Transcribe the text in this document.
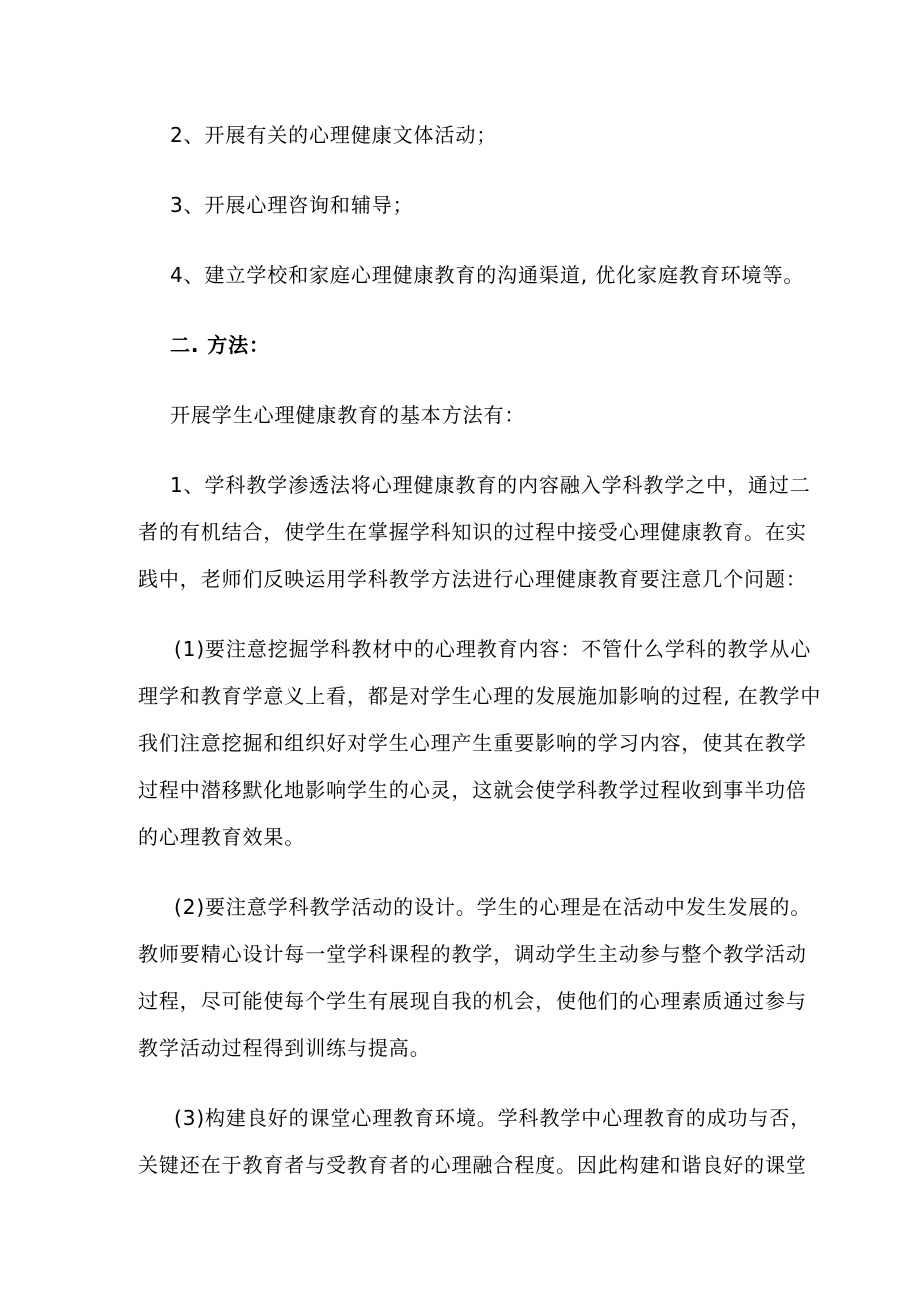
2、开展有关的心理健康文体活动；

3、开展心理咨询和辅导；

4、建立学校和家庭心理健康教育的沟通渠道, 优化家庭教育环境等。

二. 方法：

开展学生心理健康教育的基本方法有：

1、学科教学渗透法将心理健康教育的内容融入学科教学之中，通过二

者的有机结合，使学生在掌握学科知识的过程中接受心理健康教育。在实

践中，老师们反映运用学科教学方法进行心理健康教育要注意几个问题：

(1)要注意挖掘学科教材中的心理教育内容：不管什么学科的教学从心

理学和教育学意义上看，都是对学生心理的发展施加影响的过程, 在教学中

我们注意挖掘和组织好对学生心理产生重要影响的学习内容，使其在教学

过程中潜移默化地影响学生的心灵，这就会使学科教学过程收到事半功倍

的心理教育效果。

(2)要注意学科教学活动的设计。学生的心理是在活动中发生发展的。

教师要精心设计每一堂学科课程的教学，调动学生主动参与整个教学活动

过程，尽可能使每个学生有展现自我的机会，使他们的心理素质通过参与

教学活动过程得到训练与提高。

(3)构建良好的课堂心理教育环境。学科教学中心理教育的成功与否，

关键还在于教育者与受教育者的心理融合程度。因此构建和谐良好的课堂
